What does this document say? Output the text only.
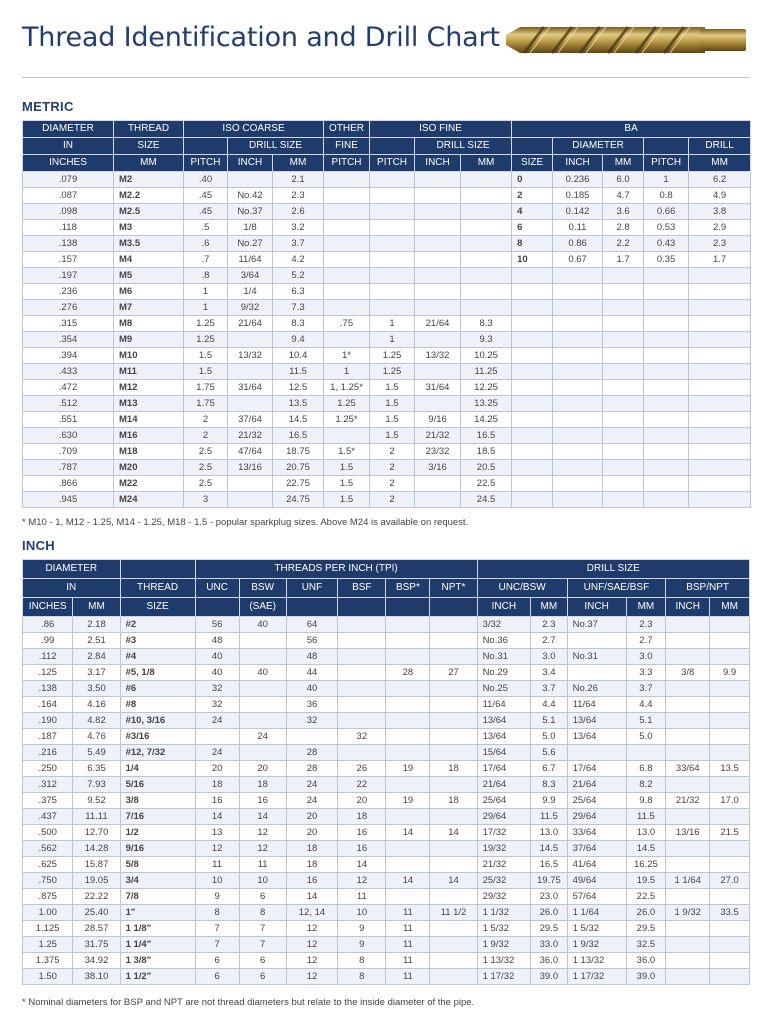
Thread Identification and Drill Chart
METRIC
DIAMETER	THREAD	ISO COARSE			OTHER	ISO FINE			BA				
IN	SIZE		DRILL SIZE		FINE		DRILL SIZE			DIAMETER			DRILL
INCHES	MM	PITCH	INCH	MM	PITCH	PITCH	INCH	MM	SIZE	INCH	MM	PITCH	MM
.079	M2	.40		2.1					0	0.236	6.0	1	6.2
.087	M2.2	.45	No.42	2.3					2	0.185	4.7	0.8	4.9
.098	M2.5	.45	No.37	2.6					4	0.142	3.6	0.66	3.8
.118	M3	.5	1/8	3.2					6	0.11	2.8	0.53	2.9
.138	M3.5	.6	No.27	3.7					8	0.86	2.2	0.43	2.3
.157	M4	.7	11/64	4.2					10	0.67	1.7	0.35	1.7
.197	M5	.8	3/64	5.2									
.236	M6	1	1/4	6.3									
.276	M7	1	9/32	7.3									
.315	M8	1.25	21/64	8.3	.75	1	21/64	8.3					
.354	M9	1.25		9.4		1		9.3					
.394	M10	1.5	13/32	10.4	1*	1.25	13/32	10.25					
.433	M11	1.5		11.5	1	1.25		11.25					
.472	M12	1.75	31/64	12.5	1, 1.25*	1.5	31/64	12.25					
.512	M13	1.75		13.5	1.25	1.5		13.25					
.551	M14	2	37/64	14.5	1.25*	1.5	9/16	14.25					
.630	M16	2	21/32	16.5		1.5	21/32	16.5					
.709	M18	2.5	47/64	18.75	1.5*	2	23/32	18.5					
.787	M20	2.5	13/16	20.75	1.5	2	3/16	20.5					
.866	M22	2.5		22.75	1.5	2		22.5					
.945	M24	3		24.75	1.5	2		24.5					
* M10 - 1, M12 - 1.25, M14 - 1.25, M18 - 1.5 - popular sparkplug sizes. Above M24 is available on request.
INCH
DIAMETER			THREADS PER INCH (TPI)						DRILL SIZE					
IN		THREAD	UNC	BSW	UNF	BSF	BSP*	NPT*	UNC/BSW		UNF/SAE/BSF		BSP/NPT	
INCHES	MM	SIZE		(SAE)					INCH	MM	INCH	MM	INCH	MM
.86	2.18	#2	56	40	64				3/32	2.3	No.37	2.3		
.99	2.51	#3	48		56				No.36	2.7		2.7		
.112	2.84	#4	40		48				No.31	3.0	No.31	3.0		
.125	3.17	#5, 1/8	40	40	44		28	27	No.29	3.4		3.3	3/8	9.9
.138	3.50	#6	32		40				No.25	3.7	No.26	3.7		
.164	4.16	#8	32		36				11/64	4.4	11/64	4.4		
.190	4.82	#10, 3/16	24		32				13/64	5.1	13/64	5.1		
.187	4.76	#3/16		24		32			13/64	5.0	13/64	5.0		
.216	5.49	#12, 7/32	24		28				15/64	5.6				
.250	6.35	1/4	20	20	28	26	19	18	17/64	6.7	17/64	6.8	33/64	13.5
.312	7.93	5/16	18	18	24	22			21/64	8.3	21/64	8.2		
.375	9.52	3/8	16	16	24	20	19	18	25/64	9.9	25/64	9.8	21/32	17.0
.437	11.11	7/16	14	14	20	18			29/64	11.5	29/64	11.5		
.500	12.70	1/2	13	12	20	16	14	14	17/32	13.0	33/64	13.0	13/16	21.5
.562	14.28	9/16	12	12	18	16			19/32	14.5	37/64	14.5		
.625	15.87	5/8	11	11	18	14			21/32	16.5	41/64	16.25		
.750	19.05	3/4	10	10	16	12	14	14	25/32	19.75	49/64	19.5	1 1/64	27.0
.875	22.22	7/8	9	6	14	11			29/32	23.0	57/64	22.5		
1.00	25.40	1"	8	8	12, 14	10	11	11 1/2	1 1/32	26.0	1 1/64	26.0	1 9/32	33.5
1.125	28.57	1 1/8"	7	7	12	9	11		1 5/32	29.5	1 5/32	29.5		
1.25	31.75	1 1/4"	7	7	12	9	11		1 9/32	33.0	1 9/32	32.5		
1.375	34.92	1 3/8"	6	6	12	8	11		1 13/32	36.0	1 13/32	36.0		
1.50	38.10	1 1/2"	6	6	12	8	11		1 17/32	39.0	1 17/32	39.0		
* Nominal diameters for BSP and NPT are not thread diameters but relate to the inside diameter of the pipe.
